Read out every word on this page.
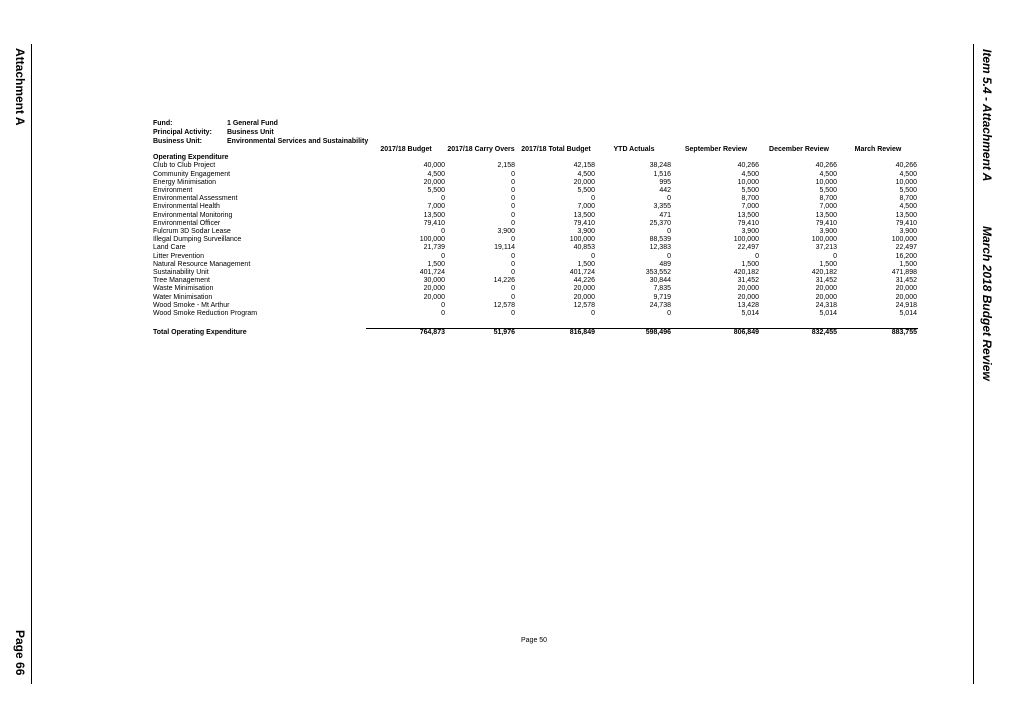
Attachment A
Page 66
Item 5.4 - Attachment A
March 2018 Budget Review
Fund:	1 General Fund
Principal Activity: Business Unit
Business Unit:	Environmental Services and Sustainability
	2017/18 Budget	2017/18 Carry Overs	2017/18 Total Budget	YTD Actuals	September Review	December Review	March Review
Operating Expenditure							
Club to Club Project	40,000	2,158	42,158	38,248	40,266	40,266	40,266
Community Engagement	4,500	0	4,500	1,516	4,500	4,500	4,500
Energy Minimisation	20,000	0	20,000	995	10,000	10,000	10,000
Environment	5,500	0	5,500	442	5,500	5,500	5,500
Environmental Assessment	0	0	0	0	8,700	8,700	8,700
Environmental Health	7,000	0	7,000	3,355	7,000	7,000	4,500
Environmental Monitoring	13,500	0	13,500	471	13,500	13,500	13,500
Environmental Officer	79,410	0	79,410	25,370	79,410	79,410	79,410
Fulcrum 3D Sodar Lease	0	3,900	3,900	0	3,900	3,900	3,900
Illegal Dumping Surveillance	100,000	0	100,000	88,539	100,000	100,000	100,000
Land Care	21,739	19,114	40,853	12,383	22,497	37,213	22,497
Litter Prevention	0	0	0	0	0	0	16,200
Natural Resource Management	1,500	0	1,500	489	1,500	1,500	1,500
Sustainability Unit	401,724	0	401,724	353,552	420,182	420,182	471,898
Tree Management	30,000	14,226	44,226	30,844	31,452	31,452	31,452
Waste Minimisation	20,000	0	20,000	7,835	20,000	20,000	20,000
Water Minimisation	20,000	0	20,000	9,719	20,000	20,000	20,000
Wood Smoke - Mt Arthur	0	12,578	12,578	24,738	13,428	24,318	24,918
Wood Smoke Reduction Program	0	0	0	0	5,014	5,014	5,014

Total Operating Expenditure	764,873	51,976	816,849	598,496	806,849	832,455	883,755
Page 50
